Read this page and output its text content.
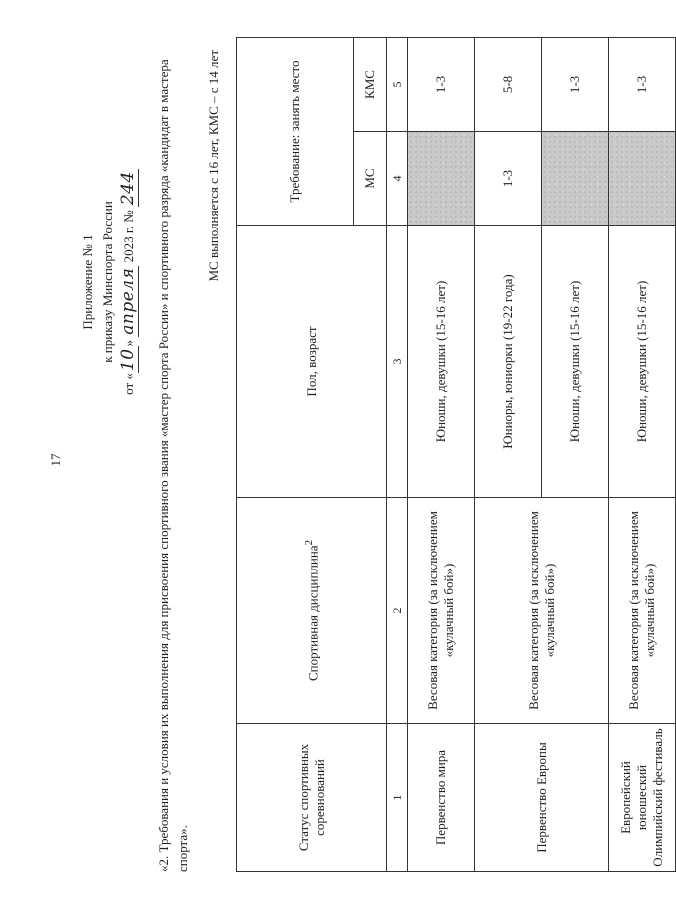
17
Приложение № 1 к приказу Минспорта России
от «10» апреля 2023 г. № 244 «2. Требования и условия их выполнения для присвоения спортивного звания «мастер спорта России» и спортивного разряда «кандидат в мастера спорта».
МС выполняется с 16 лет, КМС – с 14 лет
Статус спортивных соревнований	Спортивная дисциплина$^2$	Пол, возраст	Требование: занять место	
			МС	КМС
1	2	3	4	5
Первенство мира	Весовая категория (за исключением «кулачный бой»)	Юноши, девушки (15-16 лет)		1-3
Первенство Европы	Весовая категория (за исключением «кулачный бой»)	Юниоры, юниорки (19-22 года)	1-3	5-8
		Юноши, девушки (15-16 лет)		1-3
Европейский юношеский Олимпийский фестиваль	Весовая категория (за исключением «кулачный бой»)	Юноши, девушки (15-16 лет)		1-3
